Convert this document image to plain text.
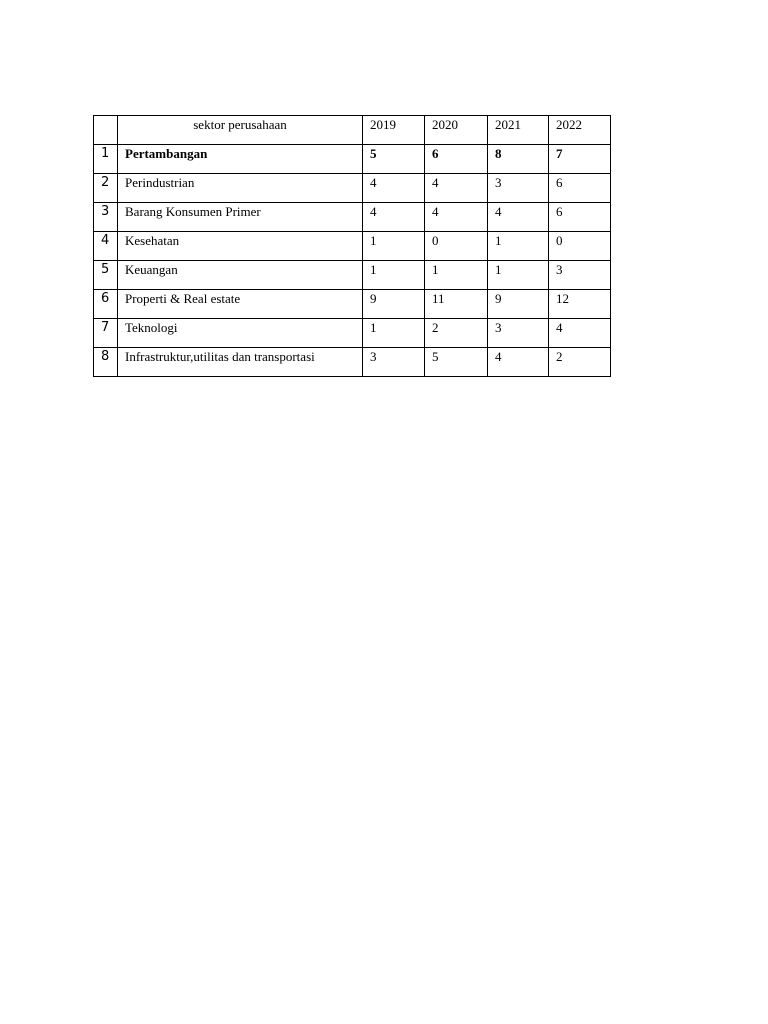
	sektor perusahaan	2019	2020	2021	2022
1	Pertambangan	5	6	8	7
2	Perindustrian	4	4	3	6
3	Barang Konsumen Primer	4	4	4	6
4	Kesehatan	1	0	1	0
5	Keuangan	1	1	1	3
6	Properti & Real estate	9	11	9	12
7	Teknologi	1	2	3	4
8	Infrastruktur,utilitas dan transportasi	3	5	4	2
